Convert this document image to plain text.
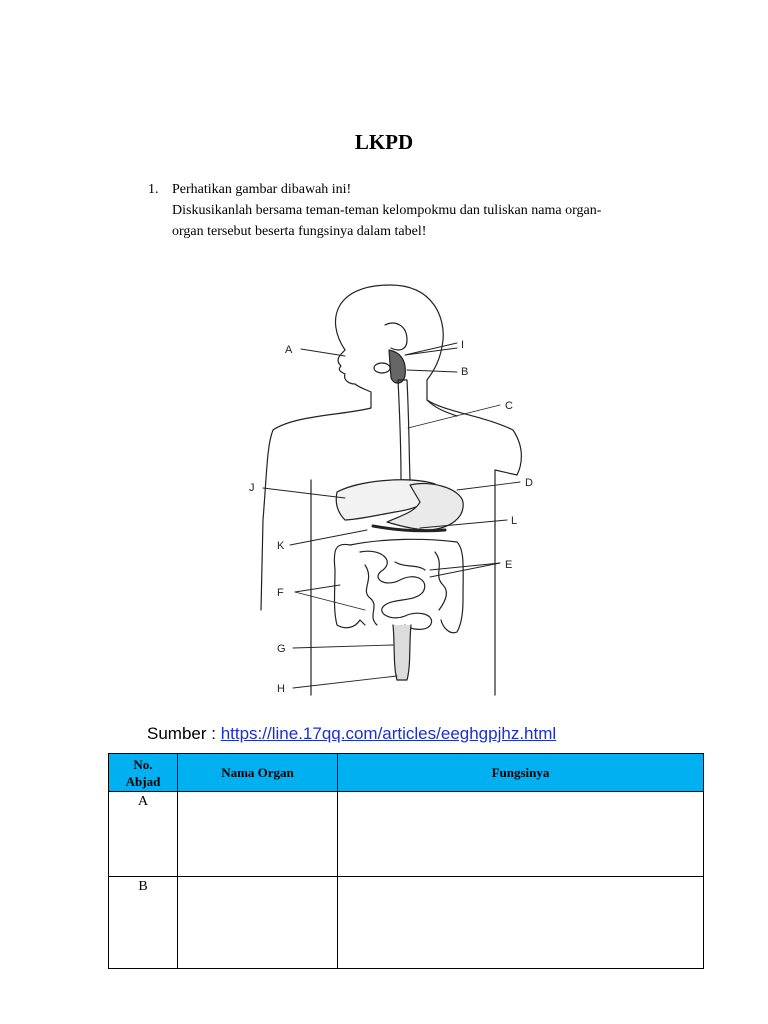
LKPD
1. Perhatikan gambar dibawah ini!
Diskusikanlah bersama teman-teman kelompokmu dan tuliskan nama organ-
organ tersebut beserta fungsinya dalam tabel!
A	I
B
C
D
J
L
K
E
F
G
H
Sumber : https://line.17qq.com/articles/eeghgpjhz.html
No.
Abjad	Nama Organ	Fungsinya
A		
B		
